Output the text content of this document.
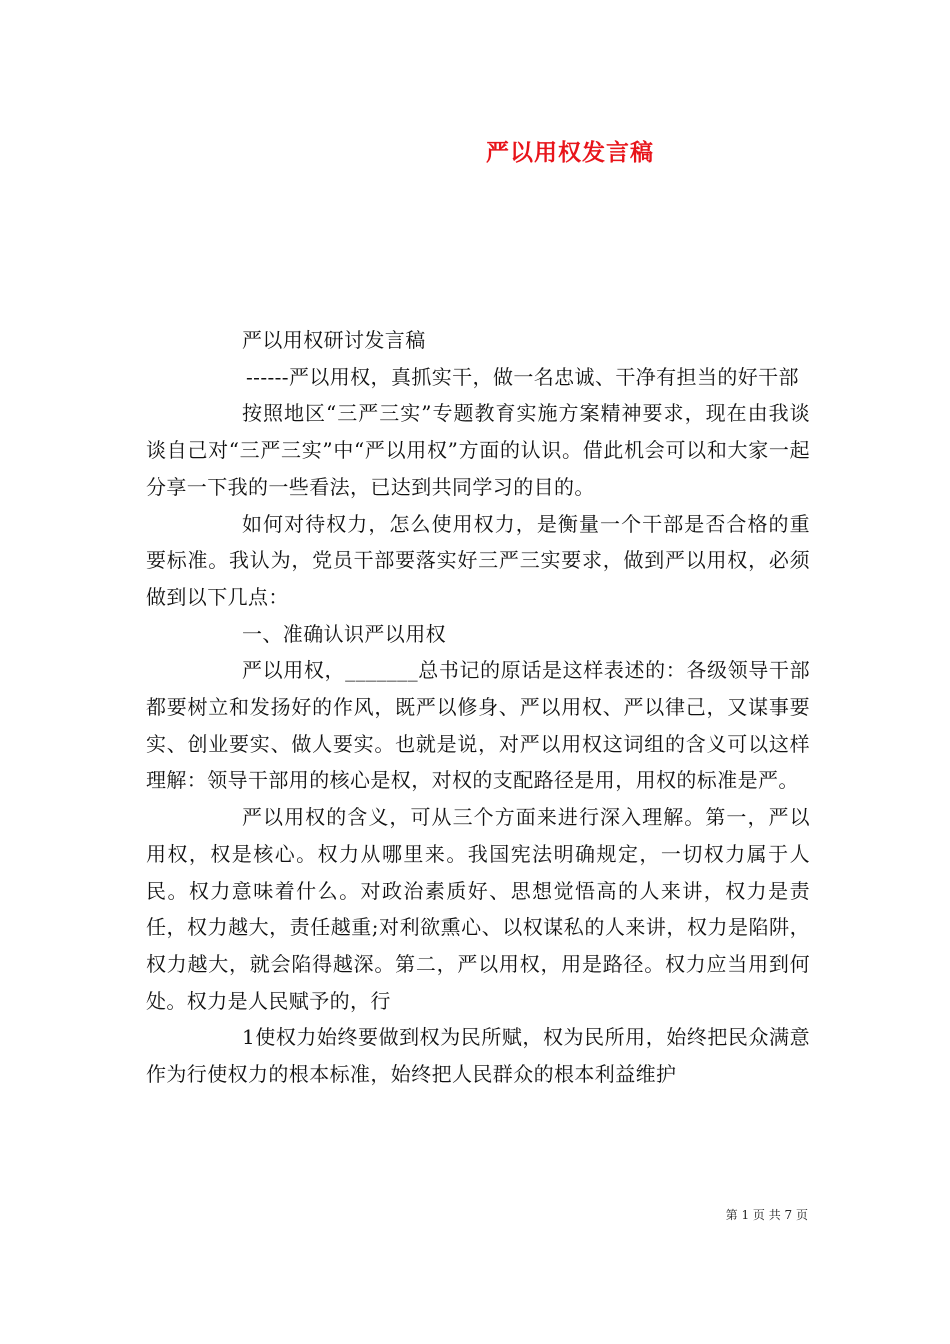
严以用权发言稿

严以用权研讨发言稿

------严以用权，真抓实干，做一名忠诚、干净有担当的好干部

按照地区“三严三实”专题教育实施方案精神要求，现在由我谈谈自己对“三严三实”中“严以用权”方面的认识。借此机会可以和大家一起分享一下我的一些看法，已达到共同学习的目的。

如何对待权力，怎么使用权力，是衡量一个干部是否合格的重要标准。我认为，党员干部要落实好三严三实要求，做到严以用权，必须做到以下几点：

一、准确认识严以用权

严以用权，_______总书记的原话是这样表述的：各级领导干部都要树立和发扬好的作风，既严以修身、严以用权、严以律己，又谋事要实、创业要实、做人要实。也就是说，对严以用权这词组的含义可以这样理解：领导干部用的核心是权，对权的支配路径是用，用权的标准是严。

严以用权的含义，可从三个方面来进行深入理解。第一，严以用权，权是核心。权力从哪里来。我国宪法明确规定，一切权力属于人民。权力意味着什么。对政治素质好、思想觉悟高的人来讲，权力是责任，权力越大，责任越重;对利欲熏心、以权谋私的人来讲，权力是陷阱，权力越大，就会陷得越深。第二，严以用权，用是路径。权力应当用到何处。权力是人民赋予的，行

1使权力始终要做到权为民所赋，权为民所用，始终把民众满意作为行使权力的根本标准，始终把人民群众的根本利益维护

第 1 页 共 7 页
